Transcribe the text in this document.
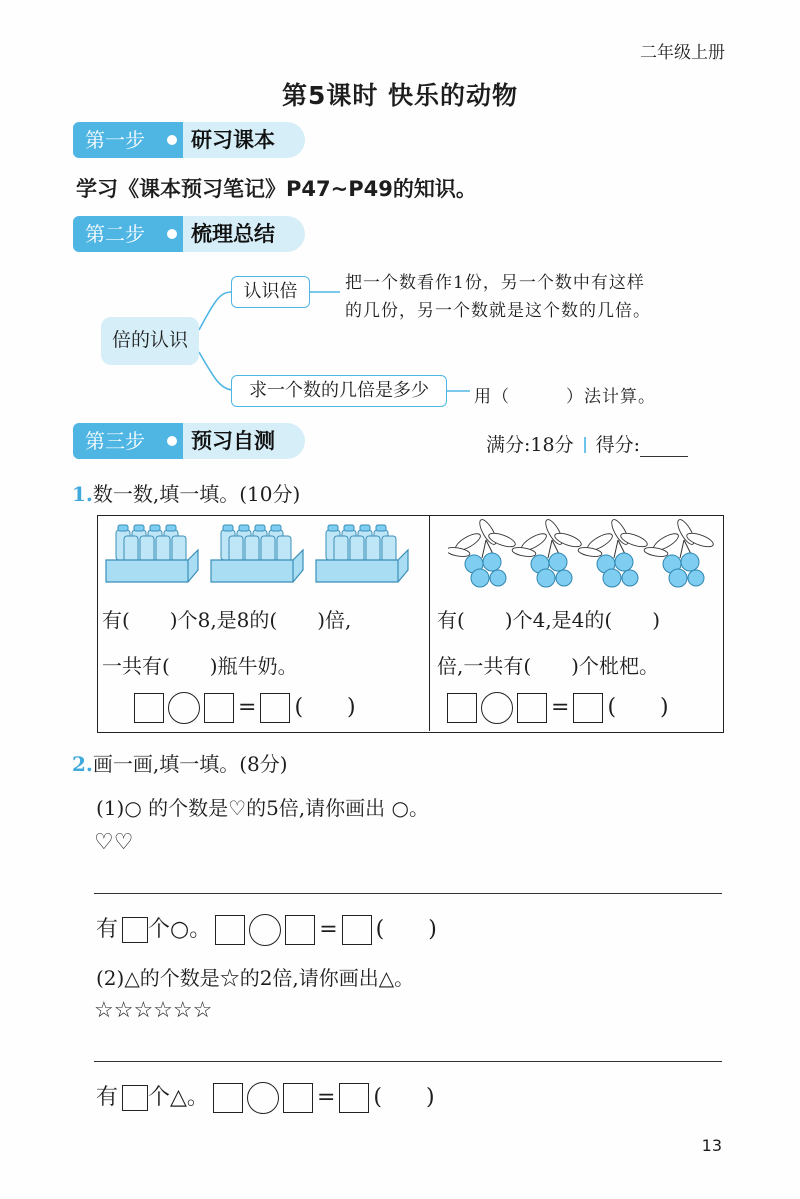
二年级上册
第5课时 快乐的动物
第一步	研习课本
学习《课本预习笔记》P47~P49的知识。
第二步	梳理总结
倍的认识
认识倍	把一个数看作1份，另一个数中有这样
的几份，另一个数就是这个数的几倍。
求一个数的几倍是多少	用（	）法计算。
第三步	预习自测	满分:18分 得分:
1.数一数,填一填。(10分)
有(　　)个8,是8的(　　)倍,
一共有(　　)瓶牛奶。
= (　　)
有(　　)个4,是4的(　　)
倍,一共有(　　)个枇杷。
= (　　)
2.画一画,填一填。(8分)
(1)○ 的个数是♡的5倍,请你画出 ○。
♡♡
有 个○。	= (　　)
(2)△的个数是☆的2倍,请你画出△。
☆☆☆☆☆☆
有 个△。	= (　　)
13
